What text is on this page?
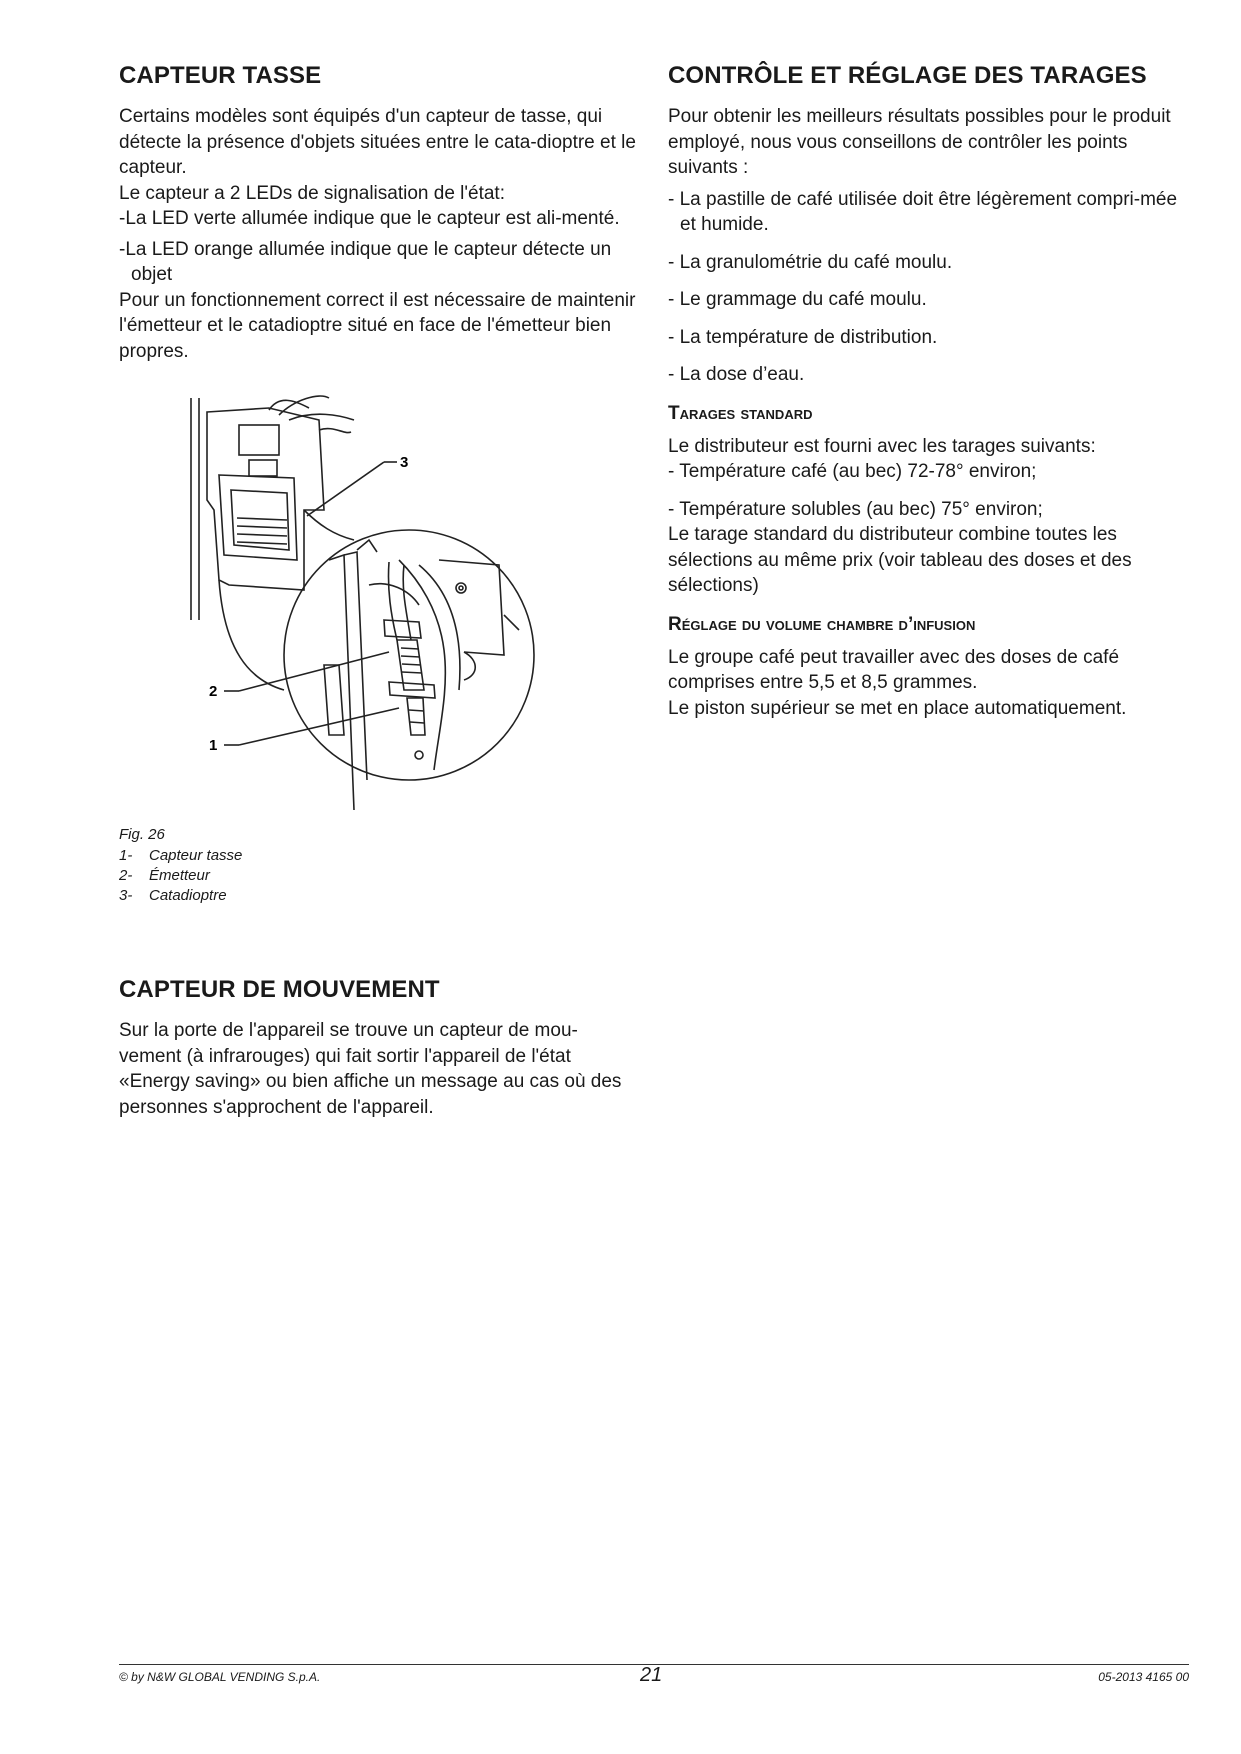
CAPTEUR TASSE

Certains modèles sont équipés d'un capteur de tasse, qui détecte la présence d'objets situées entre le cata-dioptre et le capteur.

Le capteur a 2 LEDs de signalisation de l'état:

-La LED verte allumée indique que le capteur est ali-menté.

-La LED orange allumée indique que le capteur détecte un objet

Pour un fonctionnement correct il est nécessaire de maintenir l'émetteur et le catadioptre situé en face de l'émetteur bien propres.

3
2
1

Fig. 26

1-	Capteur tasse
2-	Émetteur
3-	Catadioptre
CAPTEUR DE MOUVEMENT

Sur la porte de l'appareil se trouve un capteur de mou-vement (à infrarouges) qui fait sortir l'appareil de l'état «Energy saving» ou bien affiche un message au cas où des personnes s'approchent de l'appareil.

CONTRÔLE ET RÉGLAGE DES TARAGES

Pour obtenir les meilleurs résultats possibles pour le produit employé, nous vous conseillons de contrôler les points suivants :

- La pastille de café utilisée doit être légèrement compri-mée et humide.

- La granulométrie du café moulu.

- Le grammage du café moulu.

- La température de distribution.

- La dose d’eau.

Tarages standard

Le distributeur est fourni avec les tarages suivants:

- Température café (au bec) 72-78° environ;

- Température solubles (au bec) 75° environ;

Le tarage standard du distributeur combine toutes les sélections au même prix (voir tableau des doses et des sélections)

Réglage du volume chambre d’infusion

Le groupe café peut travailler avec des doses de café comprises entre 5,5 et 8,5 grammes.

Le piston supérieur se met en place automatiquement.

© by N&W GLOBAL VENDING S.p.A.	21	05-2013 4165 00
